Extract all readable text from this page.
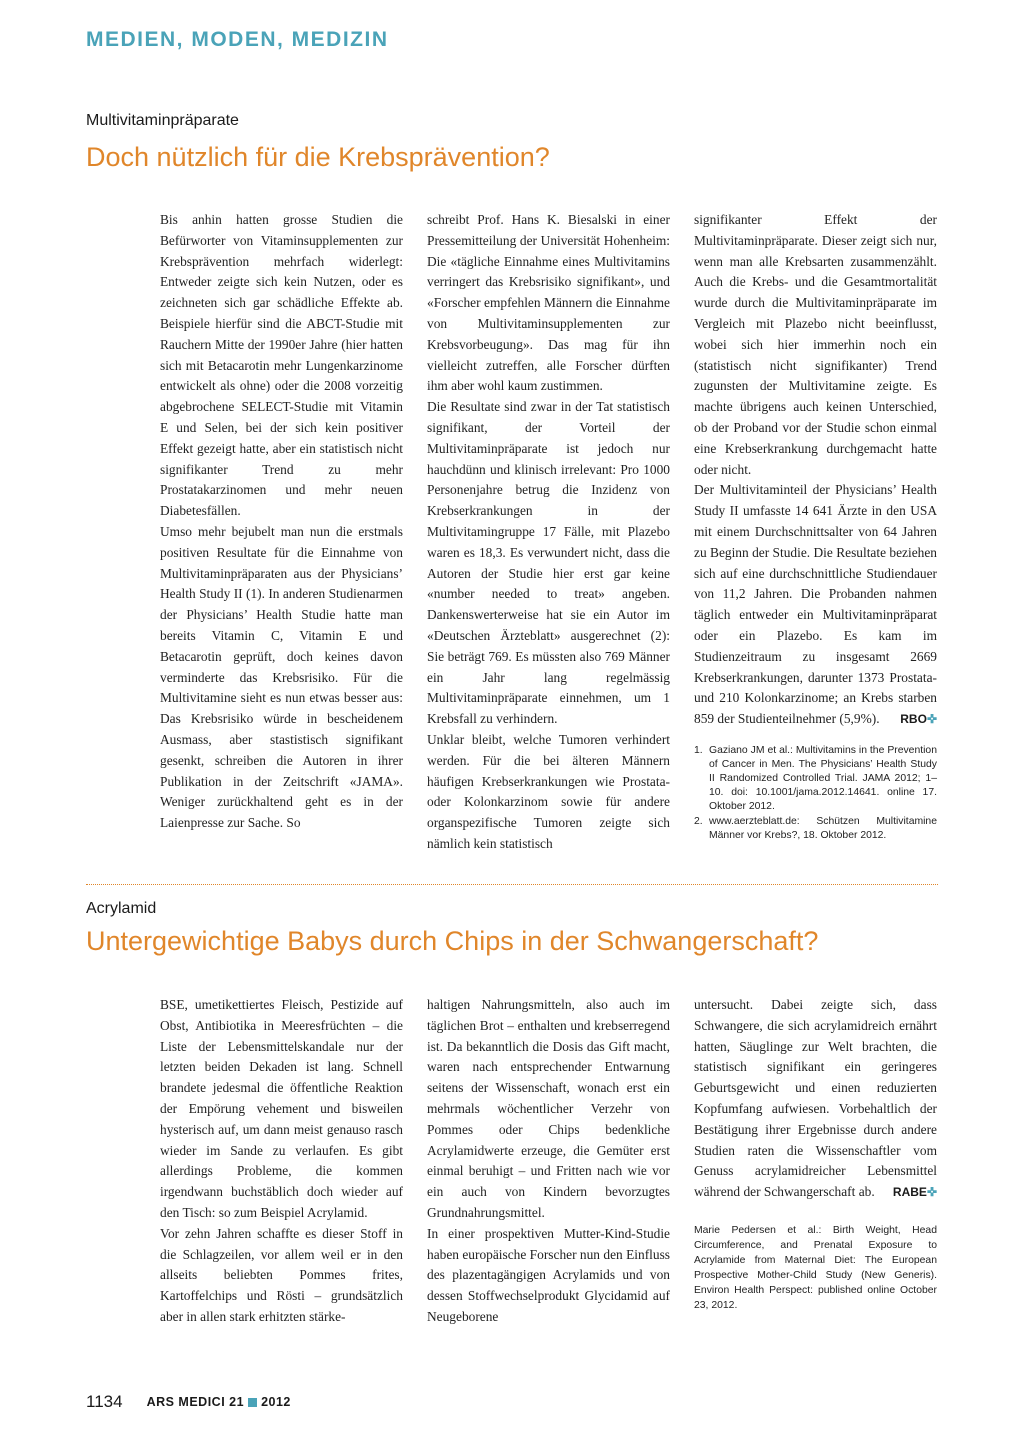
MEDIEN, MODEN, MEDIZIN
Multivitaminpräparate
Doch nützlich für die Krebsprävention?

Bis anhin hatten grosse Studien die Befürworter von Vitaminsupplementen zur Krebsprävention mehrfach widerlegt: Entweder zeigte sich kein Nutzen, oder es zeichneten sich gar schädliche Effekte ab. Beispiele hierfür sind die ABCT-Studie mit Rauchern Mitte der 1990er Jahre (hier hatten sich mit Betacarotin mehr Lungenkarzinome entwickelt als ohne) oder die 2008 vorzeitig abgebrochene SELECT-Studie mit Vitamin E und Selen, bei der sich kein positiver Effekt gezeigt hatte, aber ein statistisch nicht signifikanter Trend zu mehr Prostatakarzinomen und mehr neuen Diabetesfällen.

Umso mehr bejubelt man nun die erstmals positiven Resultate für die Einnahme von Multivitaminpräparaten aus der Physicians’ Health Study II (1). In anderen Studienarmen der Physicians’ Health Studie hatte man bereits Vitamin C, Vitamin E und Betacarotin geprüft, doch keines davon verminderte das Krebsrisiko. Für die Multivitamine sieht es nun etwas besser aus: Das Krebsrisiko würde in bescheidenem Ausmass, aber stastistisch signifikant gesenkt, schreiben die Autoren in ihrer Publikation in der Zeitschrift «JAMA». Weniger zurückhaltend geht es in der Laienpresse zur Sache. So

schreibt Prof. Hans K. Biesalski in einer Pressemitteilung der Universität Hohenheim: Die «tägliche Einnahme eines Multivitamins verringert das Krebsrisiko signifikant», und «Forscher empfehlen Männern die Einnahme von Multivitaminsupplementen zur Krebsvorbeugung». Das mag für ihn vielleicht zutreffen, alle Forscher dürften ihm aber wohl kaum zustimmen.

Die Resultate sind zwar in der Tat statistisch signifikant, der Vorteil der Multivitaminpräparate ist jedoch nur hauchdünn und klinisch irrelevant: Pro 1000 Personenjahre betrug die Inzidenz von Krebserkrankungen in der Multivitamingruppe 17 Fälle, mit Plazebo waren es 18,3. Es verwundert nicht, dass die Autoren der Studie hier erst gar keine «number needed to treat» angeben. Dankenswerterweise hat sie ein Autor im «Deutschen Ärzteblatt» ausgerechnet (2): Sie beträgt 769. Es müssten also 769 Männer ein Jahr lang regelmässig Multivitaminpräparate einnehmen, um 1 Krebsfall zu verhindern.

Unklar bleibt, welche Tumoren verhindert werden. Für die bei älteren Männern häufigen Krebserkrankungen wie Prostata- oder Kolonkarzinom sowie für andere organspezifische Tumoren zeigte sich nämlich kein statistisch

signifikanter Effekt der Multivitaminpräparate. Dieser zeigt sich nur, wenn man alle Krebsarten zusammenzählt. Auch die Krebs- und die Gesamtmortalität wurde durch die Multivitaminpräparate im Vergleich mit Plazebo nicht beeinflusst, wobei sich hier immerhin noch ein (statistisch nicht signifikanter) Trend zugunsten der Multivitamine zeigte. Es machte übrigens auch keinen Unterschied, ob der Proband vor der Studie schon einmal eine Krebserkrankung durchgemacht hatte oder nicht.

Der Multivitaminteil der Physicians’ Health Study II umfasste 14 641 Ärzte in den USA mit einem Durchschnittsalter von 64 Jahren zu Beginn der Studie. Die Resultate beziehen sich auf eine durchschnittliche Studiendauer von 11,2 Jahren. Die Probanden nahmen täglich entweder ein Multivitaminpräparat oder ein Plazebo. Es kam im Studienzeitraum zu insgesamt 2669 Krebserkrankungen, darunter 1373 Prostata- und 210 Kolonkarzinome; an Krebs starben 859 der Studienteilnehmer (5,9%). RBO✜

1. Gaziano JM et al.: Multivitamins in the Prevention of Cancer in Men. The Physicians’ Health Study II Randomized Controlled Trial. JAMA 2012; 1–10. doi: 10.1001/jama.2012.14641. online 17. Oktober 2012.
2. www.aerzteblatt.de: Schützen Multivitamine Männer vor Krebs?, 18. Oktober 2012.
Acrylamid
Untergewichtige Babys durch Chips in der Schwangerschaft?

BSE, umetikettiertes Fleisch, Pestizide auf Obst, Antibiotika in Meeresfrüchten – die Liste der Lebensmittelskandale nur der letzten beiden Dekaden ist lang. Schnell brandete jedesmal die öffentliche Reaktion der Empörung vehement und bisweilen hysterisch auf, um dann meist genauso rasch wieder im Sande zu verlaufen. Es gibt allerdings Probleme, die kommen irgendwann buchstäblich doch wieder auf den Tisch: so zum Beispiel Acrylamid.

Vor zehn Jahren schaffte es dieser Stoff in die Schlagzeilen, vor allem weil er in den allseits beliebten Pommes frites, Kartoffelchips und Rösti – grundsätzlich aber in allen stark erhitzten stärke-

haltigen Nahrungsmitteln, also auch im täglichen Brot – enthalten und krebserregend ist. Da bekanntlich die Dosis das Gift macht, waren nach entsprechender Entwarnung seitens der Wissenschaft, wonach erst ein mehrmals wöchentlicher Verzehr von Pommes oder Chips bedenkliche Acrylamidwerte erzeuge, die Gemüter erst einmal beruhigt – und Fritten nach wie vor ein auch von Kindern bevorzugtes Grundnahrungsmittel.

In einer prospektiven Mutter-Kind-Studie haben europäische Forscher nun den Einfluss des plazentagängigen Acrylamids und von dessen Stoffwechselprodukt Glycidamid auf Neugeborene

untersucht. Dabei zeigte sich, dass Schwangere, die sich acrylamidreich ernährt hatten, Säuglinge zur Welt brachten, die statistisch signifikant ein geringeres Geburtsgewicht und einen reduzierten Kopfumfang aufwiesen. Vorbehaltlich der Bestätigung ihrer Ergebnisse durch andere Studien raten die Wissenschaftler vom Genuss acrylamidreicher Lebensmittel während der Schwangerschaft ab. RABE✜

Marie Pedersen et al.: Birth Weight, Head Circumference, and Prenatal Exposure to Acrylamide from Maternal Diet: The European Prospective Mother-Child Study (New Generis). Environ Health Perspect: published online October 23, 2012.
1134 ARS MEDICI 21 2012
